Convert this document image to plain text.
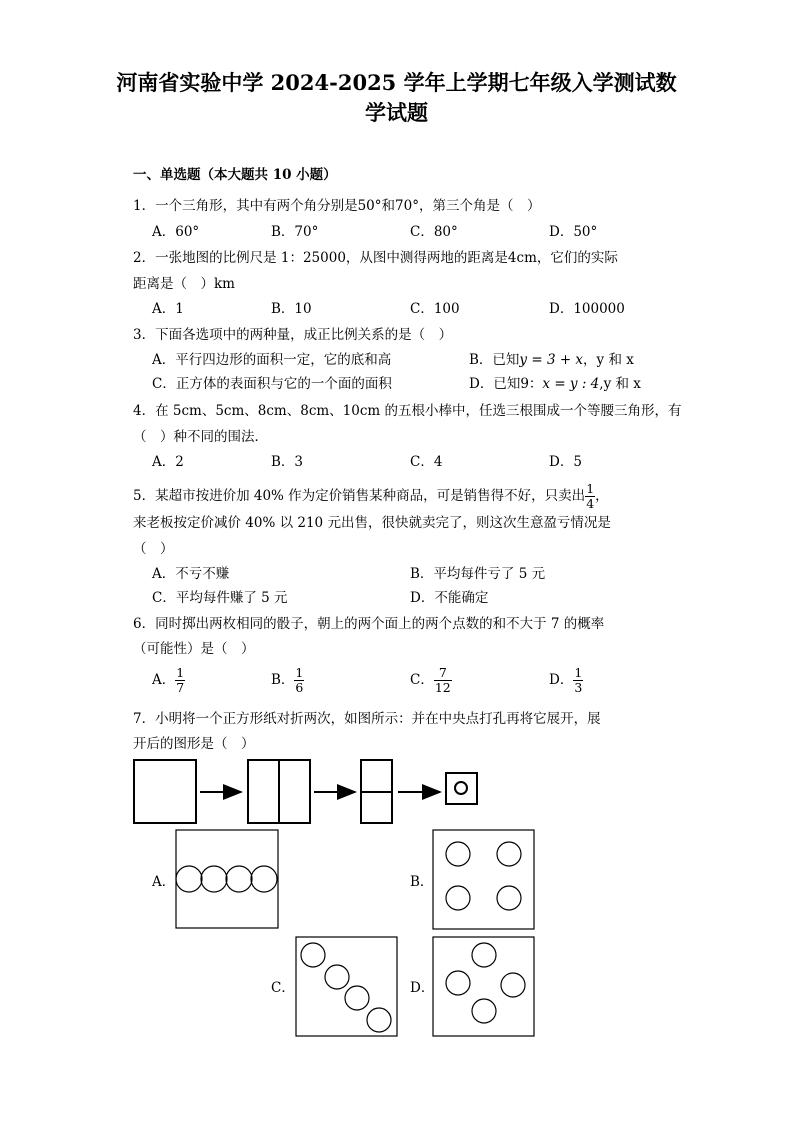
河南省实验中学 2024-2025 学年上学期七年级入学测试数
学试题
一、单选题（本大题共 10 小题）
1．一个三角形，其中有两个角分别是50°和70°，第三个角是（　）
A．60°	B．70°	C．80°	D．50°
2．一张地图的比例尺是 1：25000，从图中测得两地的距离是4cm，它们的实际
距离是（　）km
A．1	B．10	C．100	D．100000
3．下面各选项中的两种量，成正比例关系的是（　）
A．平行四边形的面积一定，它的底和高	B．已知y = 3 + x，y 和 x
C．正方体的表面积与它的一个面的面积	D．已知9：x = y : 4,y 和 x
4．在 5cm、5cm、8cm、8cm、10cm 的五根小棒中，任选三根围成一个等腰三角形，有
（　）种不同的围法．
A．2	B．3	C．4	D．5
5．某超市按进价加 40% 作为定价销售某种商品，可是销售得不好，只卖出 $\frac{1}{4}$ ，
来老板按定价减价 40% 以 210 元出售，很快就卖完了，则这次生意盈亏情况是
（　）
A．不亏不赚	B．平均每件亏了 5 元
C．平均每件赚了 5 元	D．不能确定
6．同时掷出两枚相同的骰子，朝上的两个面上的两个点数的和不大于 7 的概率
（可能性）是（　）
A． $\frac{1}{7}$	B． $\frac{1}{6}$	C． $\frac{7}{12}$	D． $\frac{1}{3}$
7．小明将一个正方形纸对折两次，如图所示：并在中央点打孔再将它展开，展
开后的图形是（　）
A．	B．
C．	D．
